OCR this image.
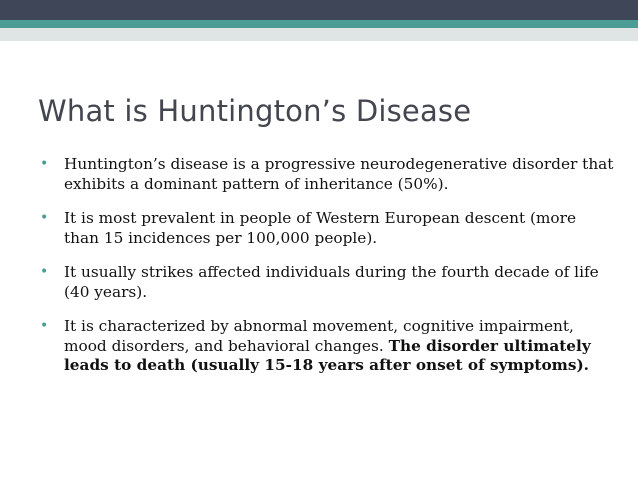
What is Huntington’s Disease
• Huntington’s disease is a progressive neurodegenerative disorder that exhibits a dominant pattern of inheritance (50%).
• It is most prevalent in people of Western European descent (more than 15 incidences per 100,000 people).
• It usually strikes affected individuals during the fourth decade of life (40 years).
• It is characterized by abnormal movement, cognitive impairment, mood disorders, and behavioral changes. The disorder ultimately leads to death (usually 15-18 years after onset of symptoms).
